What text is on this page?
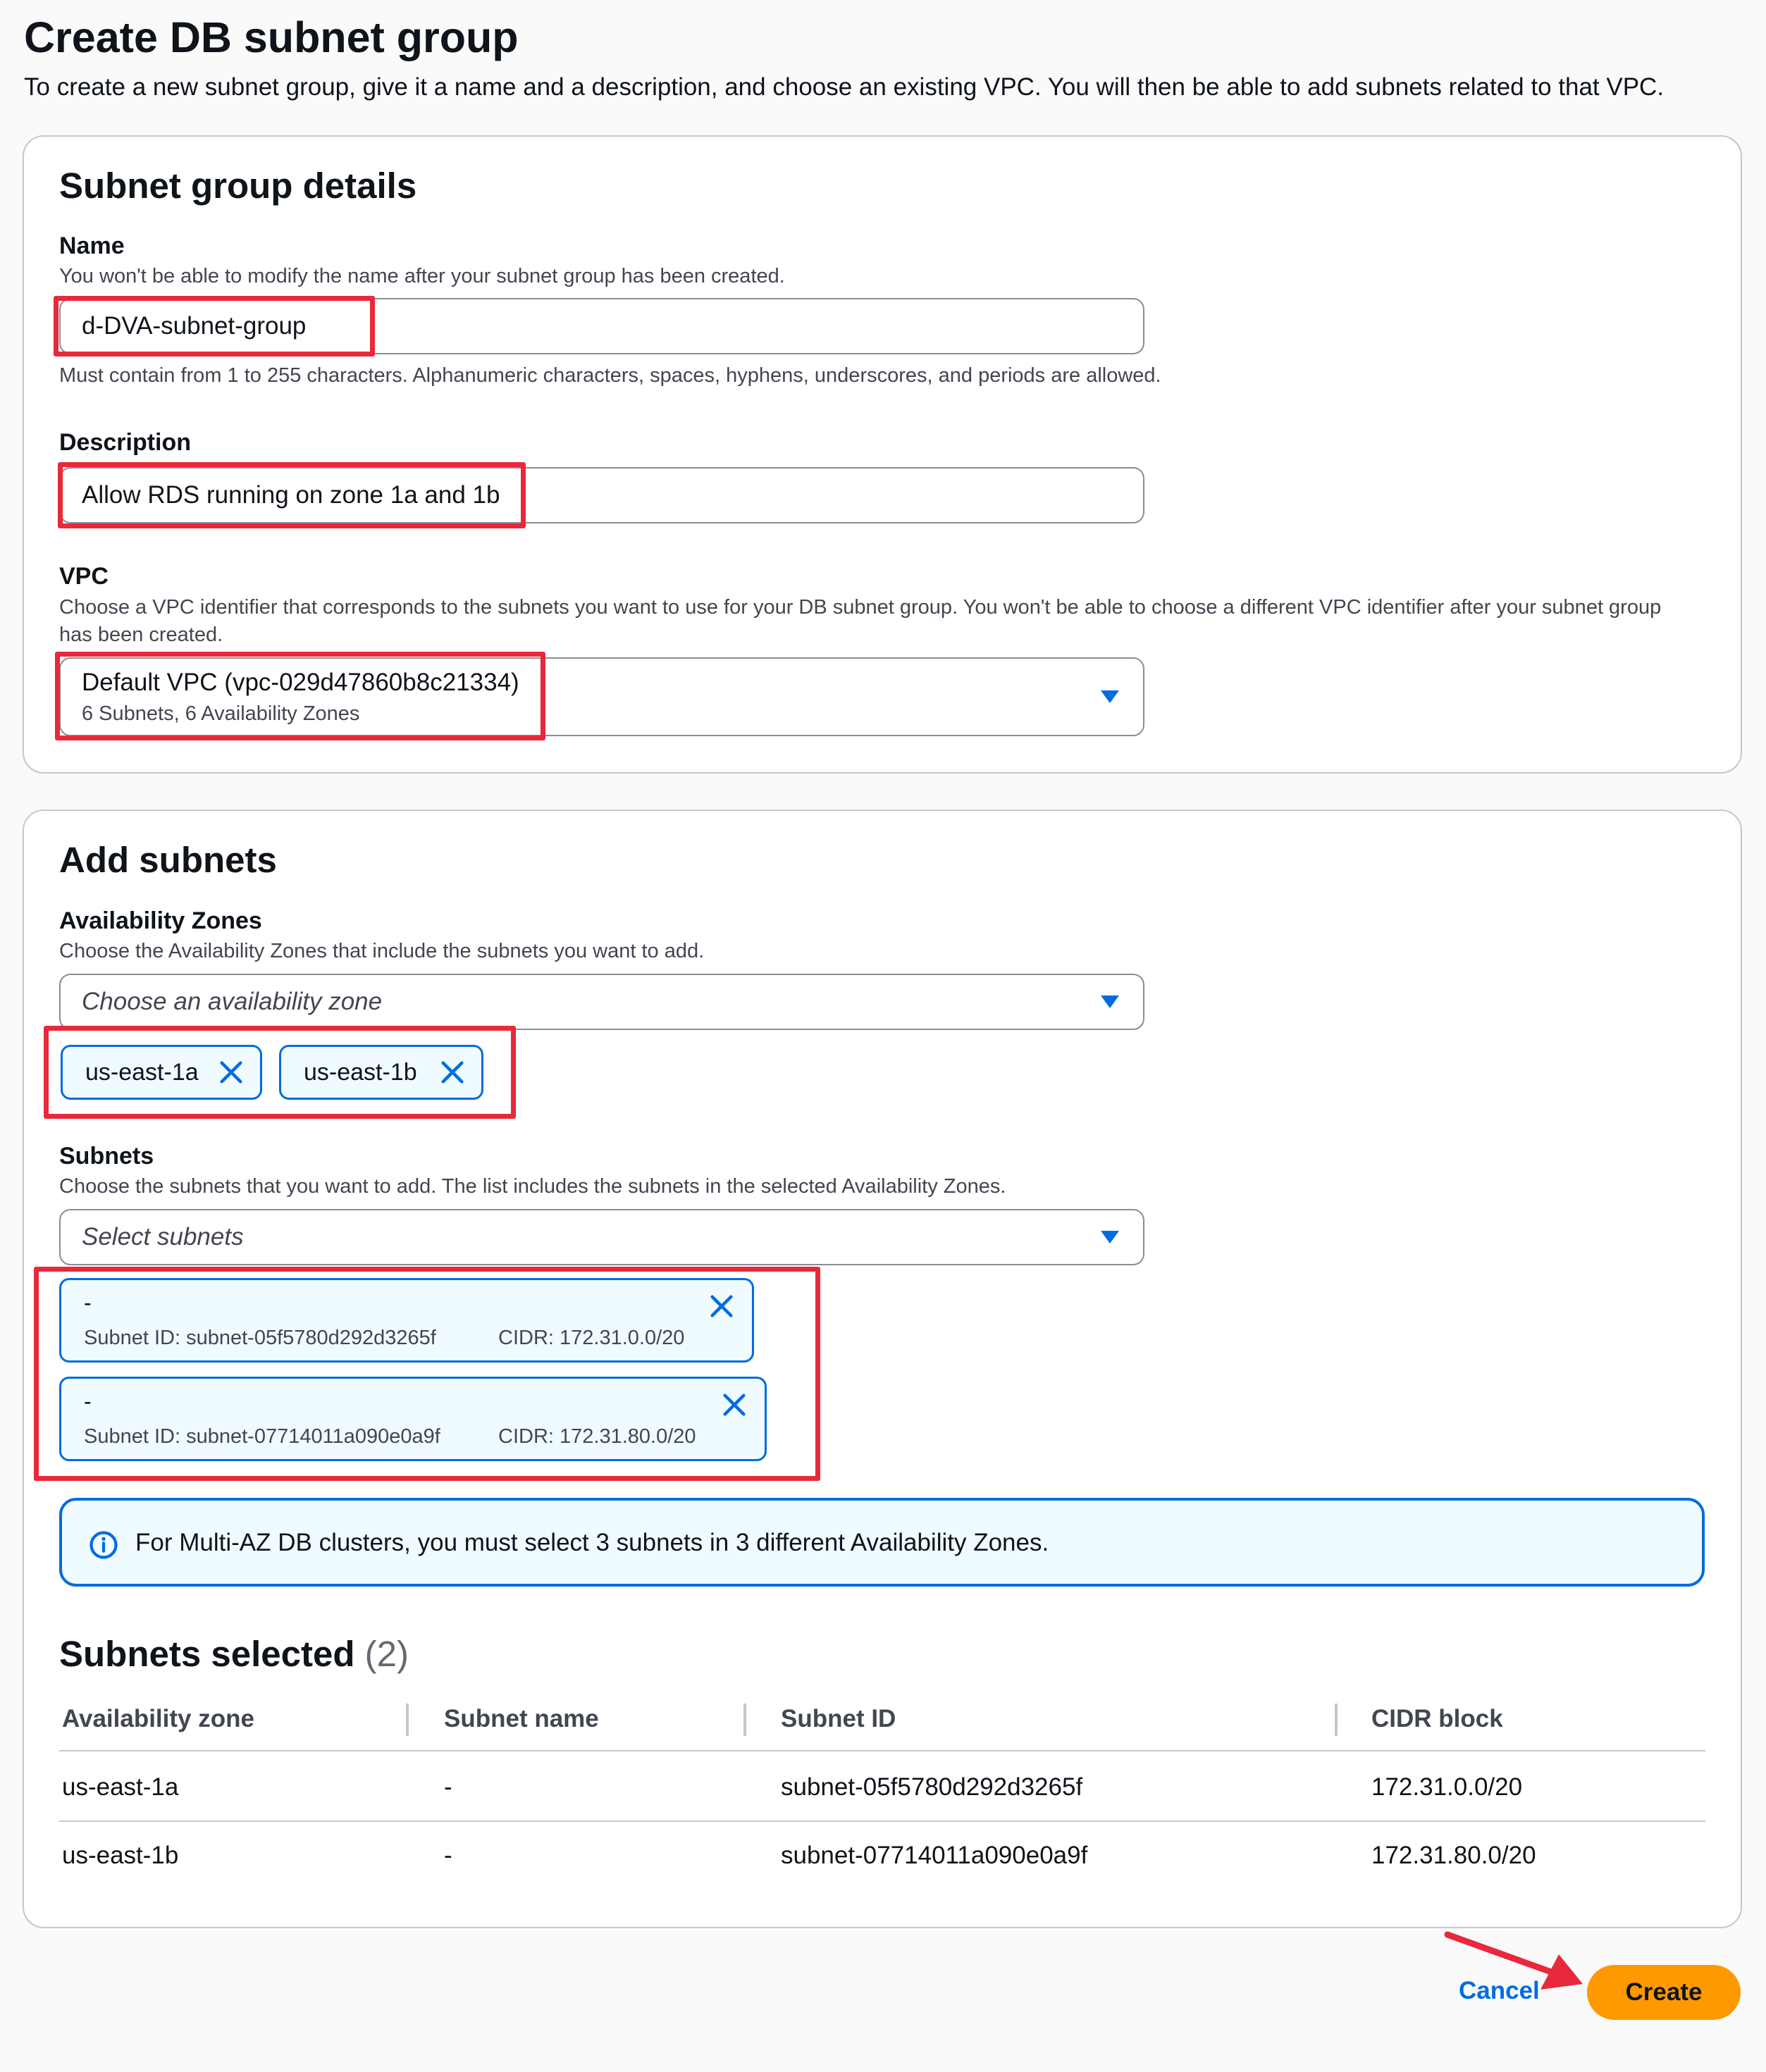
Create DB subnet group
To create a new subnet group, give it a name and a description, and choose an existing VPC. You will then be able to add subnets related to that VPC.
Subnet group details
Name
You won't be able to modify the name after your subnet group has been created.
d-DVA-subnet-group
Must contain from 1 to 255 characters. Alphanumeric characters, spaces, hyphens, underscores, and periods are allowed.
Description
Allow RDS running on zone 1a and 1b
VPC
Choose a VPC identifier that corresponds to the subnets you want to use for your DB subnet group. You won't be able to choose a different VPC identifier after your subnet group has been created.
Default VPC (vpc-029d47860b8c21334)
6 Subnets, 6 Availability Zones
Add subnets
Availability Zones
Choose the Availability Zones that include the subnets you want to add.
Choose an availability zone
us-east-1a	us-east-1b
Subnets
Choose the subnets that you want to add. The list includes the subnets in the selected Availability Zones.
Select subnets
-
Subnet ID: subnet-05f5780d292d3265f	CIDR: 172.31.0.0/20
-
Subnet ID: subnet-07714011a090e0a9f	CIDR: 172.31.80.0/20
For Multi-AZ DB clusters, you must select 3 subnets in 3 different Availability Zones.
Subnets selected (2)
Availability zone	Subnet name	Subnet ID	CIDR block
us-east-1a	-	subnet-05f5780d292d3265f	172.31.0.0/20
us-east-1b	-	subnet-07714011a090e0a9f	172.31.80.0/20
Cancel	Create
